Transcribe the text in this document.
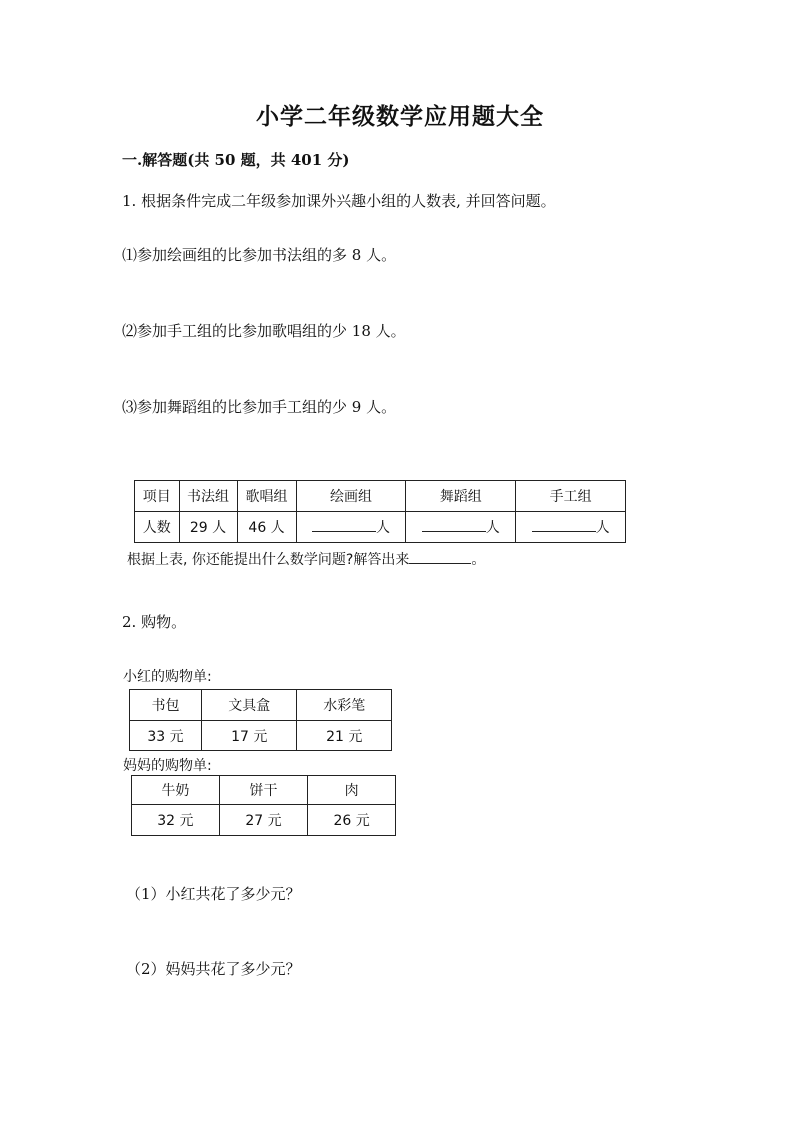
小学二年级数学应用题大全
一.解答题(共 50 题，共 401 分)
1. 根据条件完成二年级参加课外兴趣小组的人数表, 并回答问题。
⑴参加绘画组的比参加书法组的多 8 人。
⑵参加手工组的比参加歌唱组的少 18 人。
⑶参加舞蹈组的比参加手工组的少 9 人。
项目	书法组	歌唱组	绘画组	舞蹈组	手工组
人数	29 人	46 人	人	人	人
根据上表, 你还能提出什么数学问题?解答出来	。
2. 购物。
小红的购物单:
书包	文具盒	水彩笔
33 元	17 元	21 元
妈妈的购物单:
牛奶	饼干	肉
32 元	27 元	26 元
（1）小红共花了多少元？
（2）妈妈共花了多少元？
